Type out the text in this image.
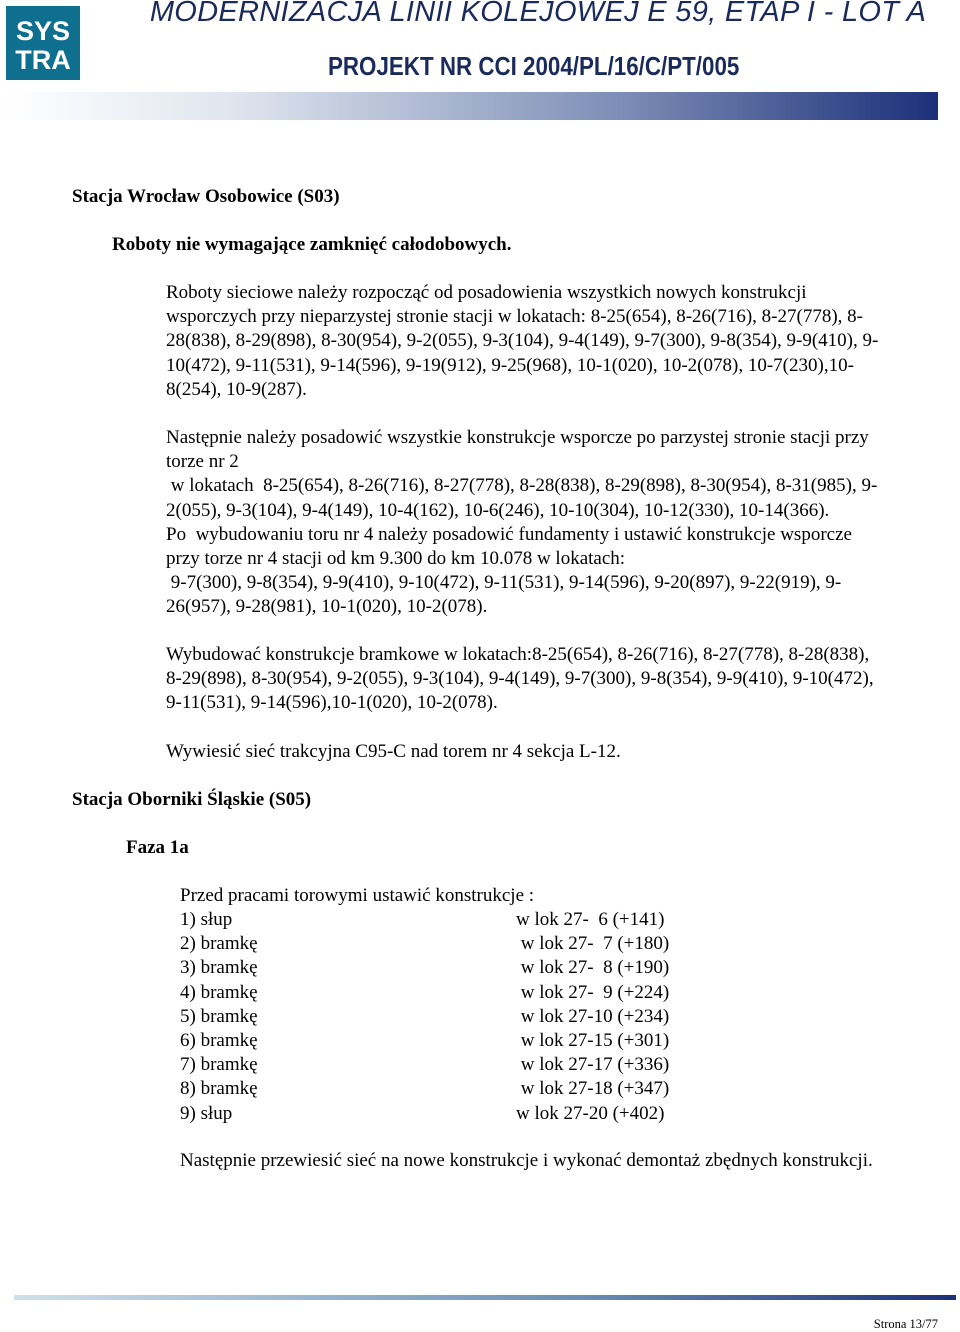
SYS
TRA
MODERNIZACJA LINII KOLEJOWEJ E 59, ETAP I - LOT A
PROJEKT NR CCI 2004/PL/16/C/PT/005
Stacja Wrocław Osobowice (S03)
Roboty nie wymagające zamknięć całodobowych.
Roboty sieciowe należy rozpocząć od posadowienia wszystkich nowych konstrukcji
wsporczych przy nieparzystej stronie stacji w lokatach: 8-25(654), 8-26(716), 8-27(778), 8-
28(838), 8-29(898), 8-30(954), 9-2(055), 9-3(104), 9-4(149), 9-7(300), 9-8(354), 9-9(410), 9-
10(472), 9-11(531), 9-14(596), 9-19(912), 9-25(968), 10-1(020), 10-2(078), 10-7(230),10-
8(254), 10-9(287).
Następnie należy posadowić wszystkie konstrukcje wsporcze po parzystej stronie stacji przy
torze nr 2
w lokatach  8-25(654), 8-26(716), 8-27(778), 8-28(838), 8-29(898), 8-30(954), 8-31(985), 9-
2(055), 9-3(104), 9-4(149), 10-4(162), 10-6(246), 10-10(304), 10-12(330), 10-14(366).
Po  wybudowaniu toru nr 4 należy posadowić fundamenty i ustawić konstrukcje wsporcze
przy torze nr 4 stacji od km 9.300 do km 10.078 w lokatach:
9-7(300), 9-8(354), 9-9(410), 9-10(472), 9-11(531), 9-14(596), 9-20(897), 9-22(919), 9-
26(957), 9-28(981), 10-1(020), 10-2(078).
Wybudować konstrukcje bramkowe w lokatach:8-25(654), 8-26(716), 8-27(778), 8-28(838),
8-29(898), 8-30(954), 9-2(055), 9-3(104), 9-4(149), 9-7(300), 9-8(354), 9-9(410), 9-10(472),
9-11(531), 9-14(596),10-1(020), 10-2(078).
Wywiesić sieć trakcyjna C95-C nad torem nr 4 sekcja L-12.
Stacja Oborniki Śląskie (S05)
Faza 1a
Przed pracami torowymi ustawić konstrukcje :
1) słup	w lok 27-  6 (+141)
2) bramkę	w lok 27-  7 (+180)
3) bramkę	w lok 27-  8 (+190)
4) bramkę	w lok 27-  9 (+224)
5) bramkę	w lok 27-10 (+234)
6) bramkę	w lok 27-15 (+301)
7) bramkę	w lok 27-17 (+336)
8) bramkę	w lok 27-18 (+347)
9) słup	w lok 27-20 (+402)
Następnie przewiesić sieć na nowe konstrukcje i wykonać demontaż zbędnych konstrukcji.
Strona 13/77
